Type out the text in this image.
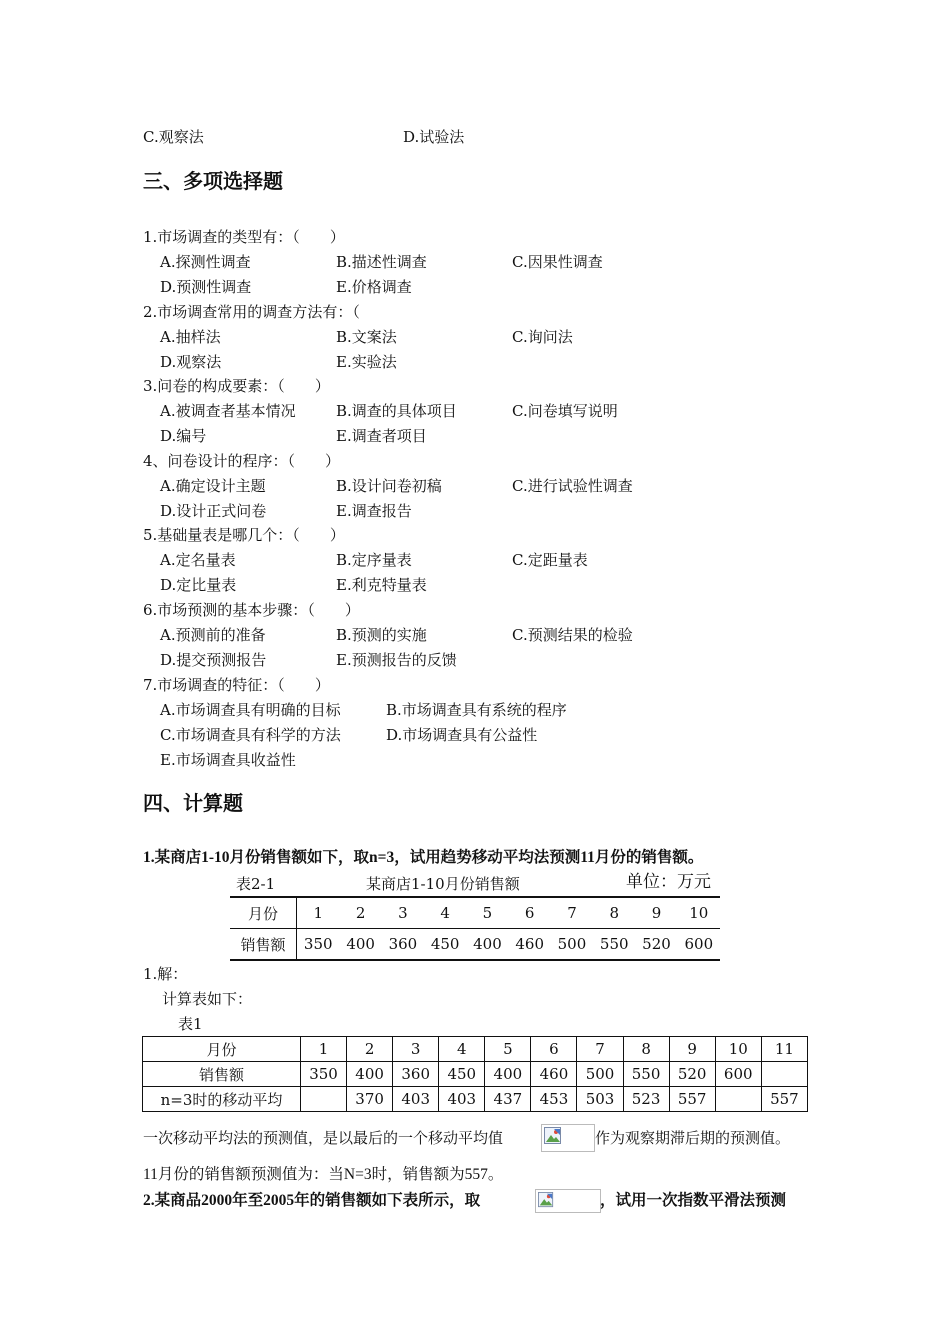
C.观察法	D.试验法
三、多项选择题
1.市场调查的类型有：（　　）
A.探测性调查	B.描述性调查	C.因果性调查
D.预测性调查	E.价格调查
2.市场调查常用的调查方法有：（
A.抽样法	B.文案法	C.询问法
D.观察法	E.实验法
3.问卷的构成要素：（　　）
A.被调查者基本情况	B.调查的具体项目	C.问卷填写说明
D.编号	E.调查者项目
4、问卷设计的程序：（　　）
A.确定设计主题	B.设计问卷初稿	C.进行试验性调查
D.设计正式问卷	E.调查报告
5.基础量表是哪几个：（　　）
A.定名量表	B.定序量表	C.定距量表
D.定比量表	E.利克特量表
6.市场预测的基本步骤：（　　）
A.预测前的准备	B.预测的实施	C.预测结果的检验
D.提交预测报告	E.预测报告的反馈
7.市场调查的特征：（　　）
A.市场调查具有明确的目标	B.市场调查具有系统的程序
C.市场调查具有科学的方法	D.市场调查具有公益性
E.市场调查具收益性
四、计算题
1.某商店1-10月份销售额如下，取n=3，试用趋势移动平均法预测11月份的销售额。
表2-1	某商店1-10月份销售额	单位：万元
月份	1	2	3	4	5	6	7	8	9	10
销售额	350	400	360	450	400	460	500	550	520	600
1.解：
计算表如下：
表1
月份	1	2	3	4	5	6	7	8	9	10	11
销售额	350	400	360	450	400	460	500	550	520	600	
n=3时的移动平均		370	403	403	437	453	503	523	557		557
一次移动平均法的预测值，是以最后的一个移动平均值	作为观察期滞后期的预测值。
11月份的销售额预测值为：当N=3时，销售额为557。
2.某商品2000年至2005年的销售额如下表所示，取	，试用一次指数平滑法预测
